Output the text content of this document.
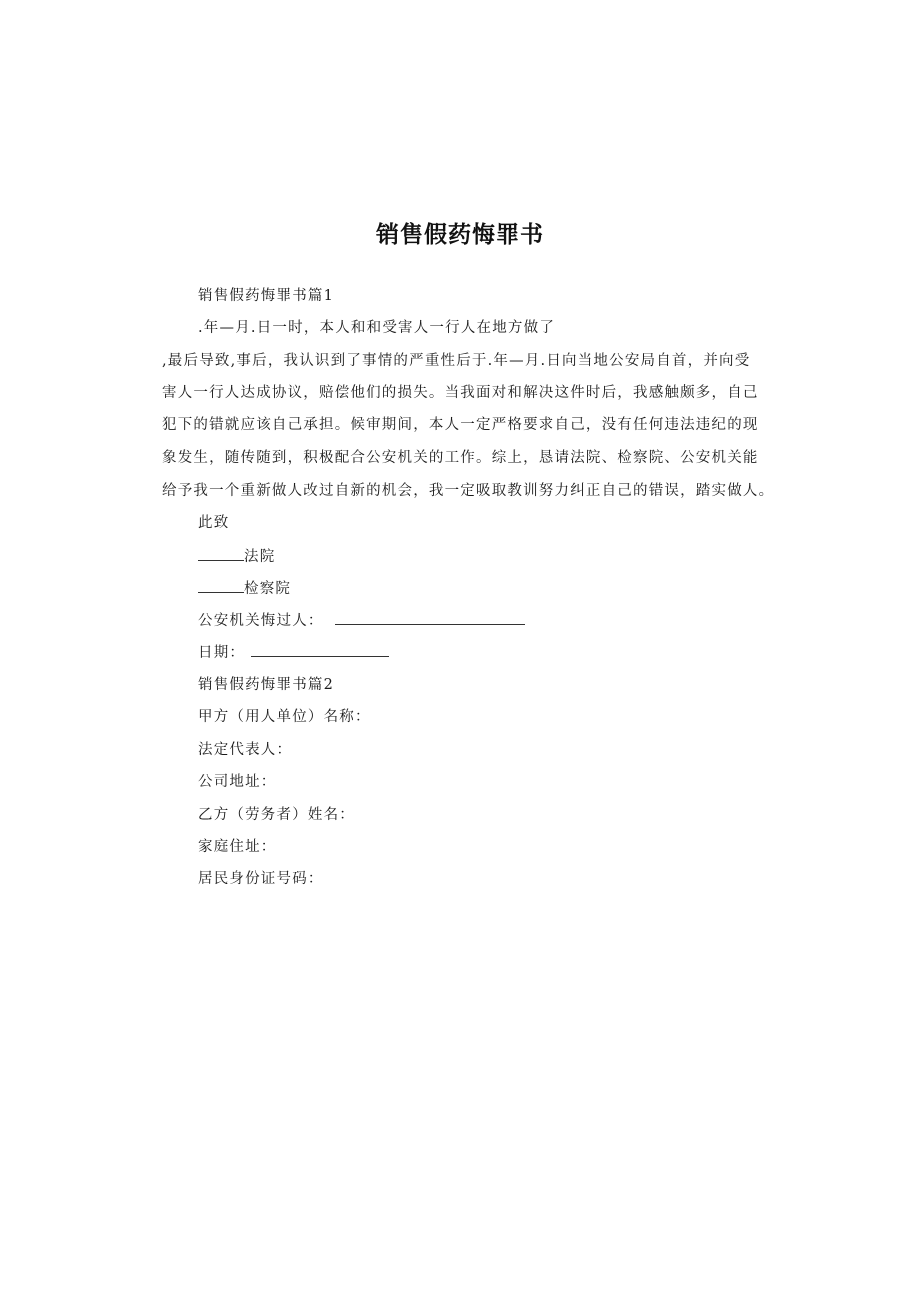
销售假药悔罪书
销售假药悔罪书篇1
.年—月.日一时，本人和和受害人一行人在地方做了
,最后导致,事后，我认识到了事情的严重性后于.年—月.日向当地公安局自首，并向受
害人一行人达成协议，赔偿他们的损失。当我面对和解决这件时后，我感触颇多，自己
犯下的错就应该自己承担。候审期间，本人一定严格要求自己，没有任何违法违纪的现
象发生，随传随到，积极配合公安机关的工作。综上，恳请法院、检察院、公安机关能
给予我一个重新做人改过自新的机会，我一定吸取教训努力纠正自己的错误，踏实做人。
此致
法院
检察院
公安机关悔过人：
日期：
销售假药悔罪书篇2
甲方（用人单位）名称：
法定代表人：
公司地址：
乙方（劳务者）姓名：
家庭住址：
居民身份证号码：
